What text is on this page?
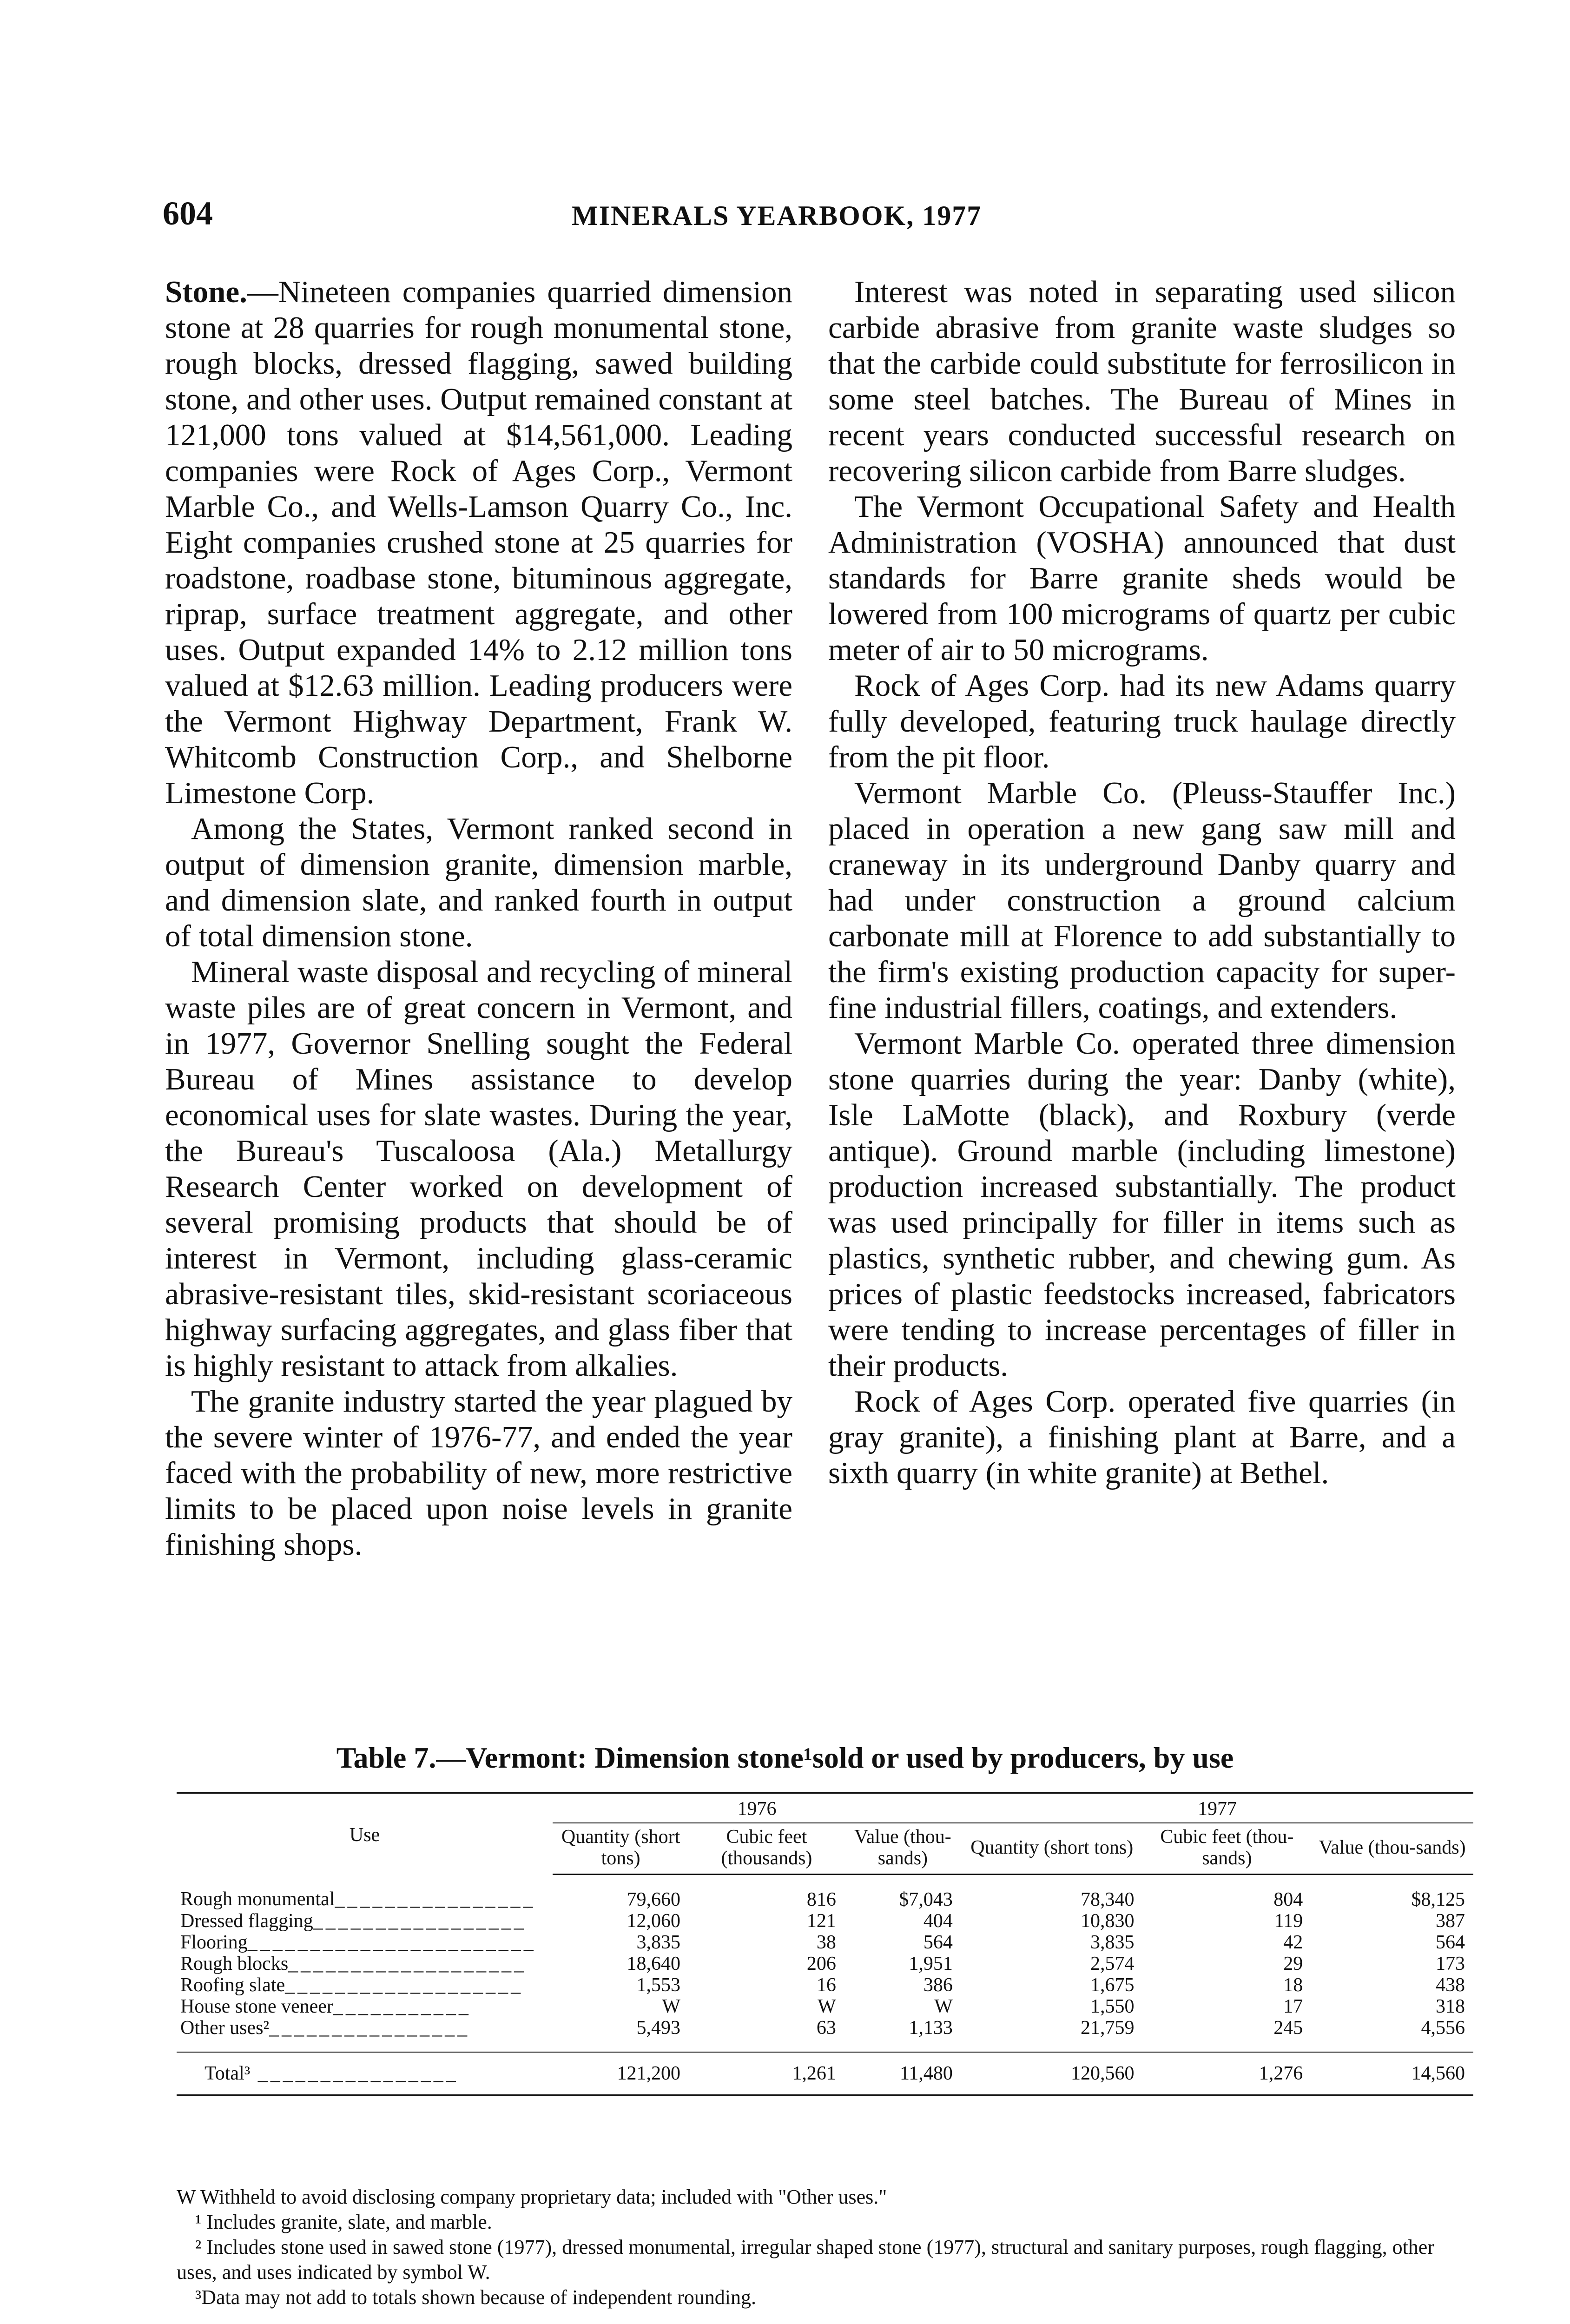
604	MINERALS YEARBOOK, 1977

Stone.—Nineteen companies quarried dimension stone at 28 quarries for rough monumental stone, rough blocks, dressed flagging, sawed building stone, and other uses. Output remained constant at 121,000 tons valued at $14,561,000. Leading companies were Rock of Ages Corp., Vermont Marble Co., and Wells-Lamson Quarry Co., Inc. Eight companies crushed stone at 25 quarries for roadstone, roadbase stone, bituminous aggregate, riprap, surface treatment aggregate, and other uses. Output expanded 14% to 2.12 million tons valued at $12.63 million. Leading producers were the Vermont Highway Department, Frank W. Whitcomb Construction Corp., and Shelborne Limestone Corp.

Among the States, Vermont ranked second in output of dimension granite, dimension marble, and dimension slate, and ranked fourth in output of total dimension stone.

Mineral waste disposal and recycling of mineral waste piles are of great concern in Vermont, and in 1977, Governor Snelling sought the Federal Bureau of Mines assistance to develop economical uses for slate wastes. During the year, the Bureau's Tuscaloosa (Ala.) Metallurgy Research Center worked on development of several promising products that should be of interest in Vermont, including glass-ceramic abrasive-resistant tiles, skid-resistant scoriaceous highway surfacing aggregates, and glass fiber that is highly resistant to attack from alkalies.

The granite industry started the year plagued by the severe winter of 1976-77, and ended the year faced with the probability of new, more restrictive limits to be placed upon noise levels in granite finishing shops.

Interest was noted in separating used silicon carbide abrasive from granite waste sludges so that the carbide could substitute for ferrosilicon in some steel batches. The Bureau of Mines in recent years conducted successful research on recovering silicon carbide from Barre sludges.

The Vermont Occupational Safety and Health Administration (VOSHA) announced that dust standards for Barre granite sheds would be lowered from 100 micrograms of quartz per cubic meter of air to 50 micrograms.

Rock of Ages Corp. had its new Adams quarry fully developed, featuring truck haulage directly from the pit floor.

Vermont Marble Co. (Pleuss-Stauffer Inc.) placed in operation a new gang saw mill and craneway in its underground Danby quarry and had under construction a ground calcium carbonate mill at Florence to add substantially to the firm's existing production capacity for super-fine industrial fillers, coatings, and extenders.

Vermont Marble Co. operated three dimension stone quarries during the year: Danby (white), Isle LaMotte (black), and Roxbury (verde antique). Ground marble (including limestone) production increased substantially. The product was used principally for filler in items such as plastics, synthetic rubber, and chewing gum. As prices of plastic feedstocks increased, fabricators were tending to increase percentages of filler in their products.

Rock of Ages Corp. operated five quarries (in gray granite), a finishing plant at Barre, and a sixth quarry (in white granite) at Bethel.

Table 7.—Vermont: Dimension stone¹sold or used by producers, by use
Use	1976			1977		
	Quantity (short tons)	Cubic feet (thousands)	Value (thou-sands)	Quantity (short tons)	Cubic feet (thou-sands)	Value (thou-sands)
Rough monumental________________	79,660	816	$7,043	78,340	804	$8,125
Dressed flagging_________________	12,060	121	404	10,830	119	387
Flooring_______________________	3,835	38	564	3,835	42	564
Rough blocks___________________	18,640	206	1,951	2,574	29	173
Roofing slate___________________	1,553	16	386	1,675	18	438
House stone veneer___________	W	W	W	1,550	17	318
Other uses²________________	5,493	63	1,133	21,759	245	4,556
Total³ ________________	121,200	1,261	11,480	120,560	1,276	14,560

W Withheld to avoid disclosing company proprietary data; included with "Other uses."

¹ Includes granite, slate, and marble.

² Includes stone used in sawed stone (1977), dressed monumental, irregular shaped stone (1977), structural and sanitary purposes, rough flagging, other uses, and uses indicated by symbol W.

³Data may not add to totals shown because of independent rounding.
